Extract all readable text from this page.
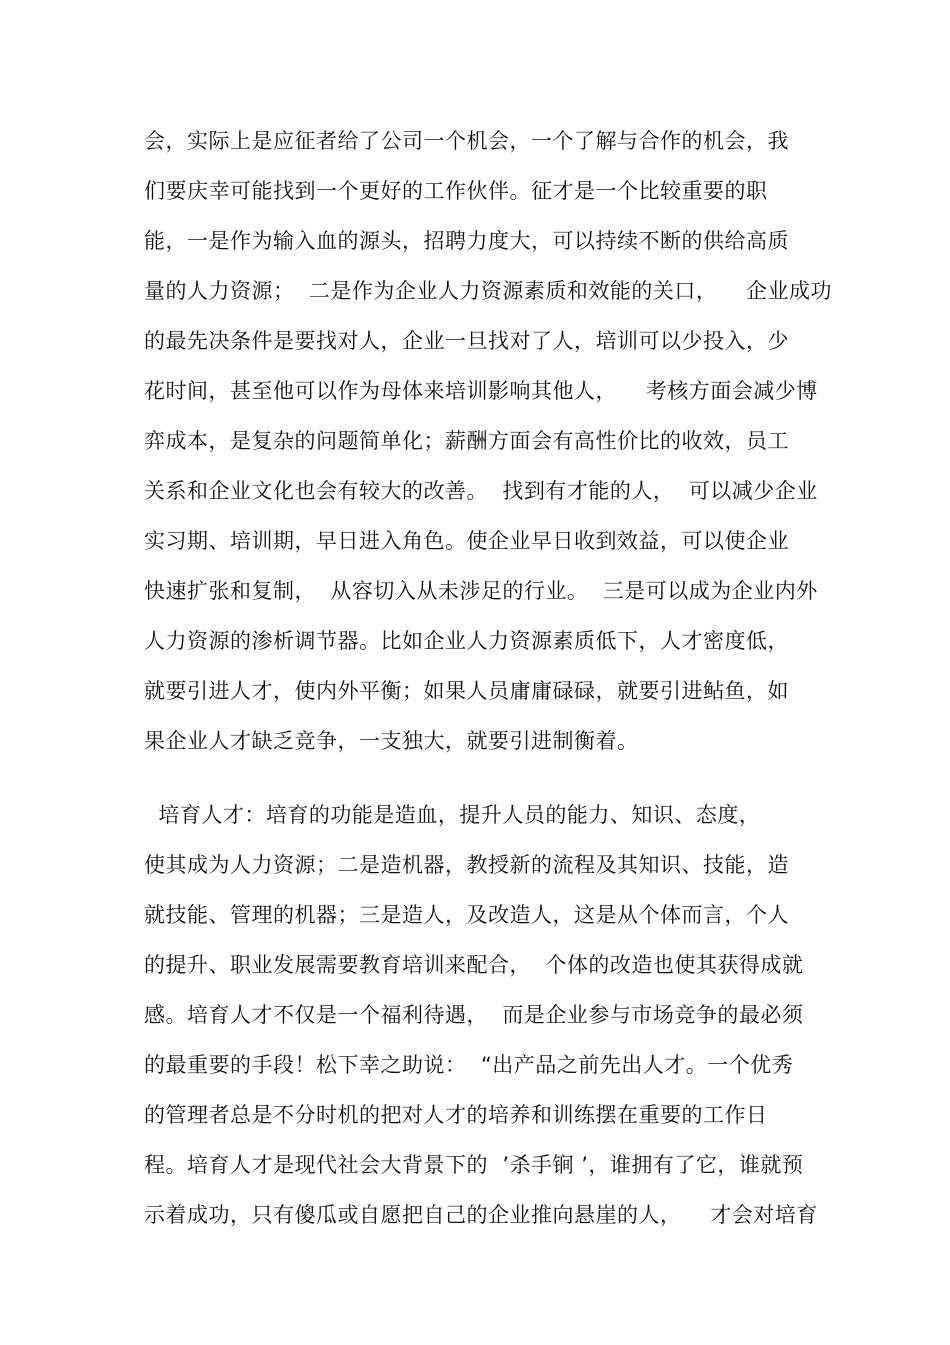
会，实际上是应征者给了公司一个机会，一个了解与合作的机会，我
们要庆幸可能找到一个更好的工作伙伴。征才是一个比较重要的职
能，一是作为输入血的源头，招聘力度大，可以持续不断的供给高质
量的人力资源；  二是作为企业人力资源素质和效能的关口，    企业成功
的最先决条件是要找对人，企业一旦找对了人，培训可以少投入，少
花时间，甚至他可以作为母体来培训影响其他人，    考核方面会减少博
弈成本，是复杂的问题简单化；薪酬方面会有高性价比的收效，员工
关系和企业文化也会有较大的改善。  找到有才能的人，  可以减少企业
实习期、培训期，早日进入角色。使企业早日收到效益，可以使企业
快速扩张和复制，  从容切入从未涉足的行业。  三是可以成为企业内外
人力资源的渗析调节器。比如企业人力资源素质低下，人才密度低，
就要引进人才，使内外平衡；如果人员庸庸碌碌，就要引进鲇鱼，如
果企业人才缺乏竞争，一支独大，就要引进制衡着。
培育人才：培育的功能是造血，提升人员的能力、知识、态度，
使其成为人力资源；二是造机器，教授新的流程及其知识、技能，造
就技能、管理的机器；三是造人，及改造人，这是从个体而言，个人
的提升、职业发展需要教育培训来配合，  个体的改造也使其获得成就
感。培育人才不仅是一个福利待遇，  而是企业参与市场竞争的最必须
的最重要的手段！松下幸之助说：  “出产品之前先出人才。一个优秀
的管理者总是不分时机的把对人才的培养和训练摆在重要的工作日
程。培育人才是现代社会大背景下的  ’杀手锏 ’，谁拥有了它，谁就预
示着成功，只有傻瓜或自愿把自己的企业推向悬崖的人，    才会对培育
